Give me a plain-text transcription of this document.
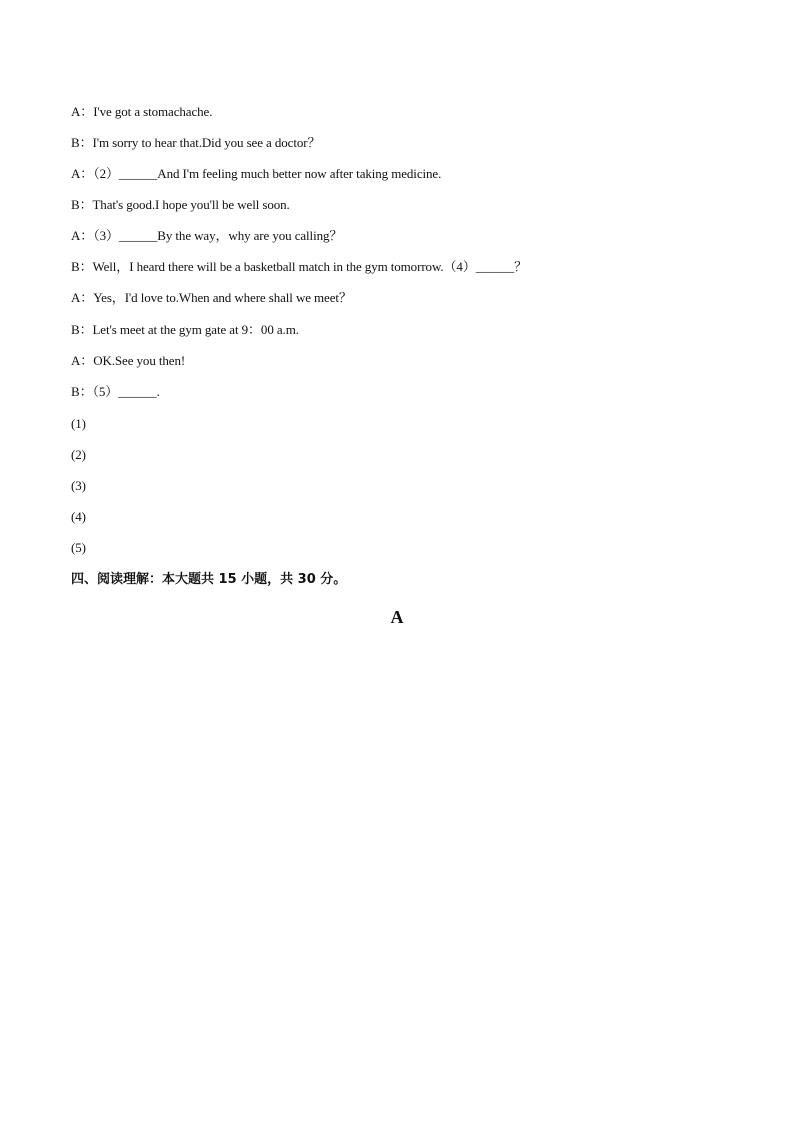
A：I've got a stomachache.
B：I'm sorry to hear that.Did you see a doctor？
A：（2）______And I'm feeling much better now after taking medicine.
B：That's good.I hope you'll be well soon.
A：（3）______By the way，why are you calling？
B：Well，I heard there will be a basketball match in the gym tomorrow.（4）______？
A：Yes，I'd love to.When and where shall we meet？
B：Let's meet at the gym gate at 9：00 a.m.
A：OK.See you then!
B：（5）______.
(1)
(2)
(3)
(4)
(5)
四、阅读理解：本大题共 15 小题，共 30 分。
A
